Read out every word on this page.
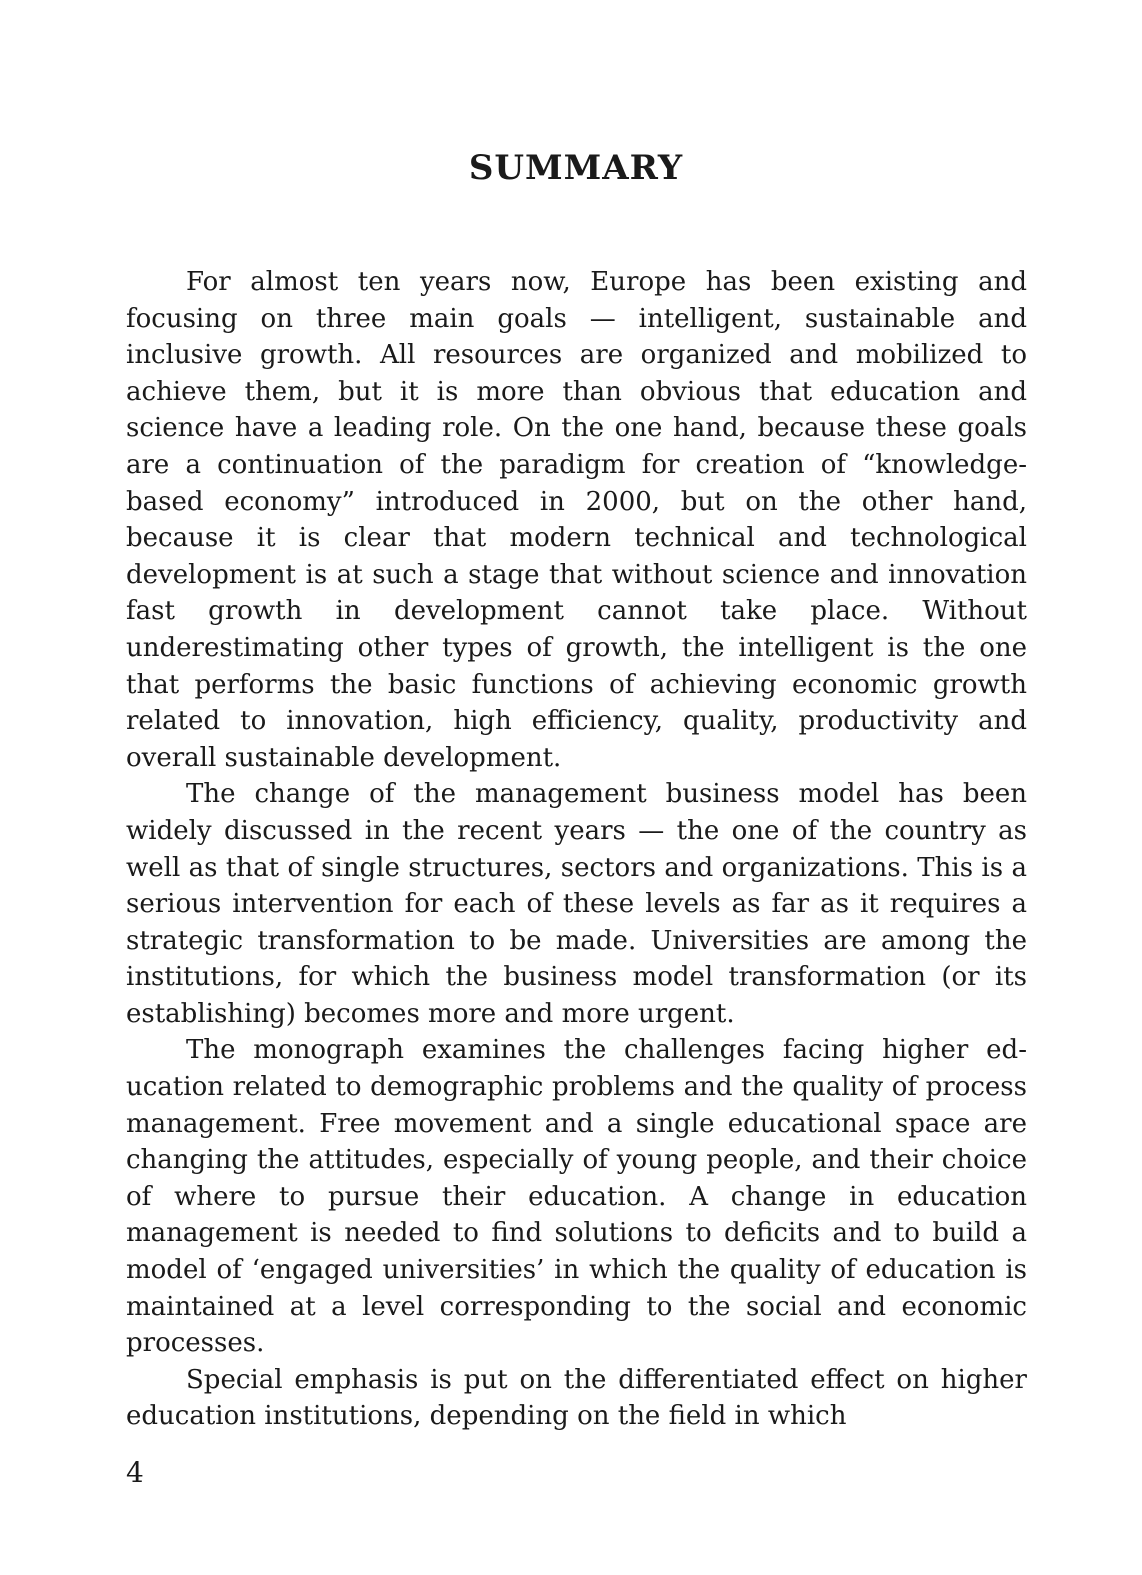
SUMMARY

For almost ten years now, Europe has been existing and focusing on three main goals — intelligent, sustainable and inclusive growth. All resources are organized and mobilized to achieve them, but it is more than obvious that education and science have a leading role. On the one hand, because these goals are a continuation of the paradigm for creation of “knowledge-based economy” introduced in 2000, but on the other hand, because it is clear that modern technical and technological development is at such a stage that without science and innovation fast growth in development cannot take place. Without underestimating other types of growth, the intelligent is the one that performs the basic functions of achieving economic growth related to innovation, high efficiency, quality, productivity and overall sustainable development.

The change of the management business model has been widely discussed in the recent years — the one of the country as well as that of single structures, sectors and organizations. This is a serious intervention for each of these levels as far as it requires a strategic transformation to be made. Universities are among the institutions, for which the business model transformation (or its establishing) becomes more and more urgent.

The monograph examines the challenges facing higher education related to demographic problems and the quality of process management. Free movement and a single educational space are changing the attitudes, especially of young people, and their choice of where to pursue their education. A change in education management is needed to find solutions to deficits and to build a model of ‘engaged universities’ in which the quality of education is maintained at a level corresponding to the social and economic processes.

Special emphasis is put on the differentiated effect on higher education institutions, depending on the field in which

4
